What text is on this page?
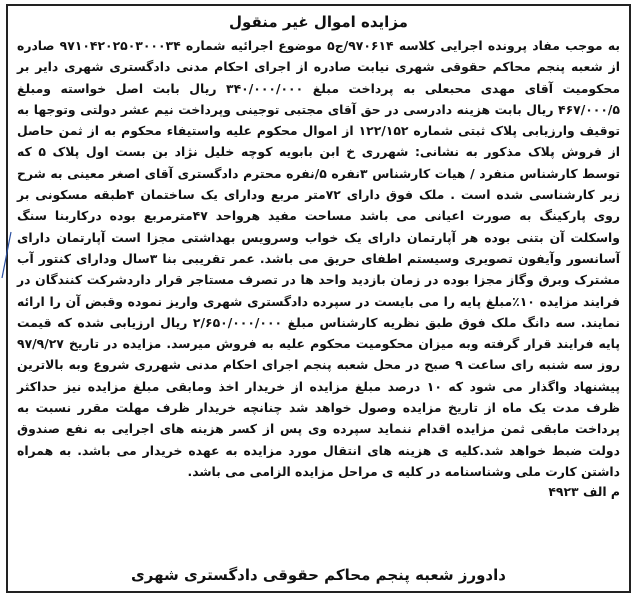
مزایده اموال غیر منقول

به موجب مفاد پرونده اجرایی کلاسه ۹۷۰۶۱۴/ج۵ موضوع اجرائیه شماره ۹۷۱۰۴۲۰۲۵۰۳۰۰۰۳۴ صادره از شعبه پنجم محاکم حقوقی شهری نیابت صادره از اجرای احکام مدنی دادگستری شهری دایر بر محکومیت آقای مهدی محبعلی به پرداخت مبلغ ۳۴۰/۰۰۰/۰۰۰ ریال بابت اصل خواسته ومبلغ ۴۶۷/۰۰۰/۵ ریال بابت هزینه دادرسی در حق آقای مجتبی توجینی وپرداخت نیم عشر دولتی وتوجها به توقیف وارزیابی پلاک ثبتی شماره ۱۲۲/۱۵۲ از اموال محکوم علیه واستیفاء محکوم به از ثمن حاصل از فروش پلاک مذکور به نشانی: شهرری خ ابن بابویه کوچه خلیل نژاد بن بست اول پلاک ۵ که توسط کارشناس منفرد / هیات کارشناس ۳نفره ۵/نفره محترم دادگستری آقای اصغر معینی به شرح زیر کارشناسی شده است . ملک فوق دارای ۷۲متر مربع ودارای یک ساختمان ۴طبقه مسکونی بر روی پارکینگ به صورت اعیانی می باشد مساحت مفید هرواحد ۴۷مترمربع بوده درکاربنا سنگ واسکلت آن بتنی بوده هر آپارتمان دارای یک خواب وسرویس بهداشتی مجزا است آپارتمان دارای آسانسور وآیفون تصویری وسیستم اطفای حریق می باشد. عمر تقریبی بنا ۳سال ودارای کنتور آب مشترک وبرق وگاز مجزا بوده در زمان بازدید واحد ها در تصرف مستاجر قرار داردشرکت کنندگان در فرایند مزایده ۱۰٪مبلغ پایه را می بایست در سپرده دادگستری شهری واریز نموده وقبض آن را ارائه نمایند. سه دانگ ملک فوق طبق نظریه کارشناس مبلغ ۲/۶۵۰/۰۰۰/۰۰۰ ریال ارزیابی شده که قیمت پایه فرایند قرار گرفته وبه میزان محکومیت محکوم علیه به فروش میرسد. مزایده در تاریخ ۹۷/۹/۲۷ روز سه شنبه رای ساعت ۹ صبح در محل شعبه پنجم اجرای احکام مدنی شهرری شروع وبه بالاترین پیشنهاد واگذار می شود که ۱۰ درصد مبلغ مزایده از خریدار اخذ ومابقی مبلغ مزایده نیز حداکثر ظرف مدت یک ماه از تاریخ مزایده وصول خواهد شد چنانچه خریدار ظرف مهلت مقرر نسبت به پرداخت مابقی ثمن مزایده اقدام ننماید سپرده وی پس از کسر هزینه های اجرایی به نفع صندوق دولت ضبط خواهد شد.کلیه ی هزینه های انتقال مورد مزایده به عهده خریدار می باشد. به همراه داشتن کارت ملی وشناسنامه در کلیه ی مراحل مزایده الزامی می باشد.

م الف ۴۹۲۳
دادورز شعبه پنجم محاکم حقوقی دادگستری شهری
